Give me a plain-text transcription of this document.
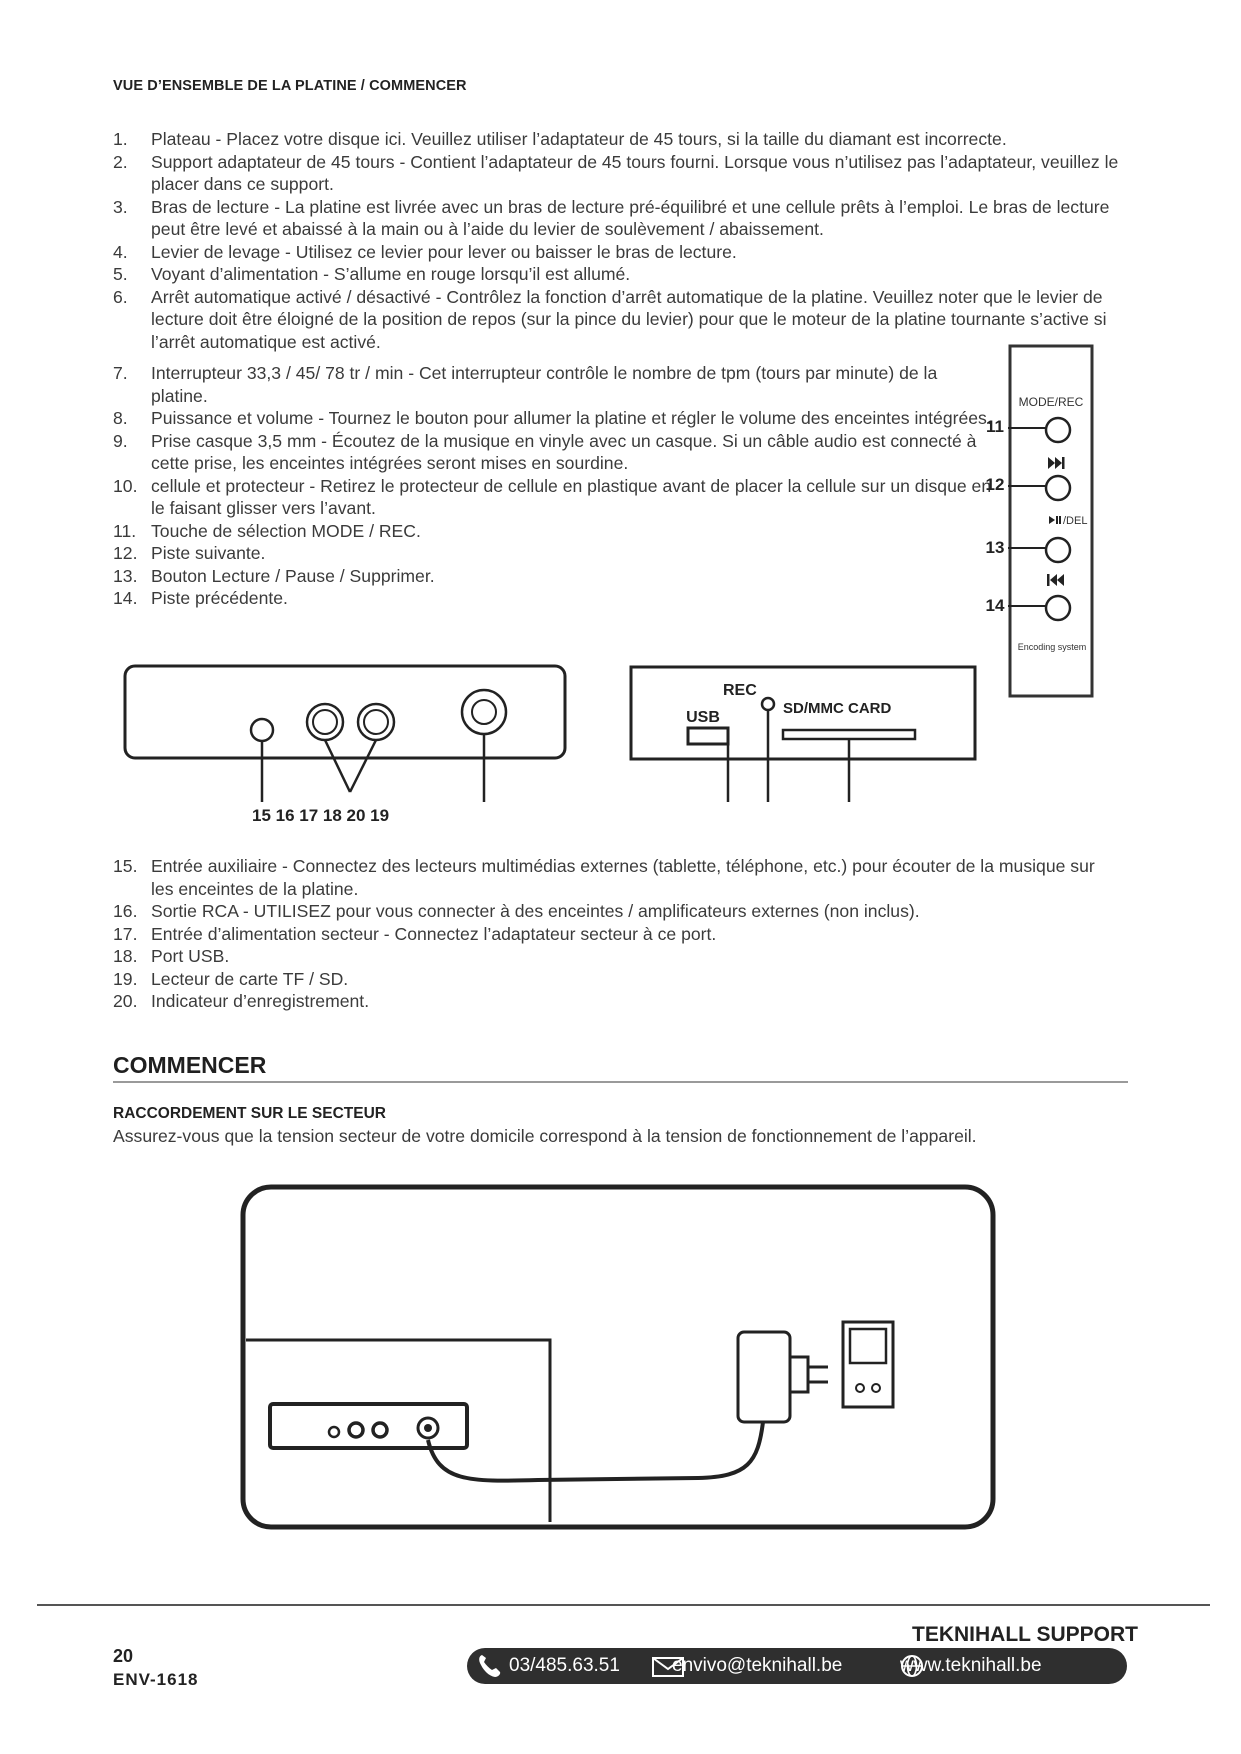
VUE D’ENSEMBLE DE LA PLATINE / COMMENCER
1. Plateau - Placez votre disque ici. Veuillez utiliser l’adaptateur de 45 tours, si la taille du diamant est incorrecte.
2. Support adaptateur de 45 tours - Contient l’adaptateur de 45 tours fourni. Lorsque vous n’utilisez pas l’adaptateur, veuillez le placer dans ce support.
3. Bras de lecture - La platine est livrée avec un bras de lecture pré-équilibré et une cellule prêts à l’emploi. Le bras de lecture peut être levé et abaissé à la main ou à l’aide du levier de soulèvement / abaissement.
4. Levier de levage - Utilisez ce levier pour lever ou baisser le bras de lecture.
5. Voyant d’alimentation - S’allume en rouge lorsqu’il est allumé.
6. Arrêt automatique activé / désactivé - Contrôlez la fonction d’arrêt automatique de la platine. Veuillez noter que le levier de lecture doit être éloigné de la position de repos (sur la pince du levier) pour que le moteur de la platine tournante s’active si l’arrêt automatique est activé.
7. Interrupteur 33,3 / 45/ 78 tr / min - Cet interrupteur contrôle le nombre de tpm (tours par minute) de la platine.
8. Puissance et volume - Tournez le bouton pour allumer la platine et régler le volume des enceintes intégrées.
9. Prise casque 3,5 mm - Écoutez de la musique en vinyle avec un casque. Si un câble audio est connecté à cette prise, les enceintes intégrées seront mises en sourdine.
10. cellule et protecteur - Retirez le protecteur de cellule en plastique avant de placer la cellule sur un disque en le faisant glisser vers l’avant.
11. Touche de sélection MODE / REC.
12. Piste suivante.
13. Bouton Lecture / Pause / Supprimer.
14. Piste précédente.
MODE/REC
11
12
/DEL
13
14
Encoding system
15 16 17 18 20 19
REC
USB
SD/MMC CARD
15. Entrée auxiliaire - Connectez des lecteurs multimédias externes (tablette, téléphone, etc.) pour écouter de la musique sur les enceintes de la platine.
16. Sortie RCA - UTILISEZ pour vous connecter à des enceintes / amplificateurs externes (non inclus).
17. Entrée d’alimentation secteur - Connectez l’adaptateur secteur à ce port.
18. Port USB.
19. Lecteur de carte TF / SD.
20. Indicateur d’enregistrement.
COMMENCER
RACCORDEMENT SUR LE SECTEUR
Assurez-vous que la tension secteur de votre domicile correspond à la tension de fonctionnement de l’appareil.
20
ENV-1618
TEKNIHALL SUPPORT
03/485.63.51	envivo@teknihall.be	www.teknihall.be
